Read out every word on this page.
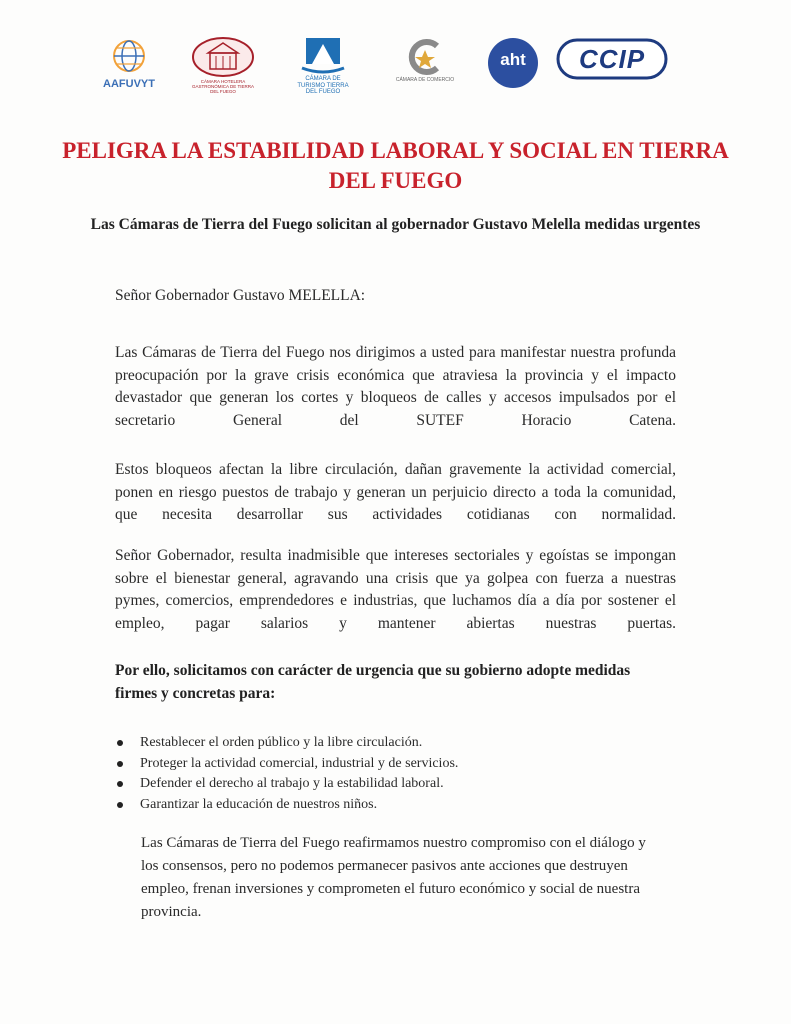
AAFUVYT	CÁMARA HOTELERA GASTRONÓMICA DE TIERRA DEL FUEGO
CÁMARA DE TURISMO TIERRA DEL FUEGO
CÁMARA DE COMERCIO
aht	CCIP
PELIGRA LA ESTABILIDAD LABORAL Y SOCIAL EN TIERRA DEL FUEGO
Las Cámaras de Tierra del Fuego solicitan al gobernador Gustavo Melella medidas urgentes

Señor Gobernador Gustavo MELELLA:

Las Cámaras de Tierra del Fuego nos dirigimos a usted para manifestar nuestra profunda preocupación por la grave crisis económica que atraviesa la provincia y el impacto devastador que generan los cortes y bloqueos de calles y accesos impulsados por el secretario General del SUTEF Horacio Catena.

Estos bloqueos afectan la libre circulación, dañan gravemente la actividad comercial, ponen en riesgo puestos de trabajo y generan un perjuicio directo a toda la comunidad, que necesita desarrollar sus actividades cotidianas con normalidad.

Señor Gobernador, resulta inadmisible que intereses sectoriales y egoístas se impongan sobre el bienestar general, agravando una crisis que ya golpea con fuerza a nuestras pymes, comercios, emprendedores e industrias, que luchamos día a día por sostener el empleo, pagar salarios y mantener abiertas nuestras puertas.

Por ello, solicitamos con carácter de urgencia que su gobierno adopte medidas firmes y concretas para:

Restablecer el orden público y la libre circulación.
Proteger la actividad comercial, industrial y de servicios.
Defender el derecho al trabajo y la estabilidad laboral.
Garantizar la educación de nuestros niños.

Las Cámaras de Tierra del Fuego reafirmamos nuestro compromiso con el diálogo y los consensos, pero no podemos permanecer pasivos ante acciones que destruyen empleo, frenan inversiones y comprometen el futuro económico y social de nuestra provincia.
